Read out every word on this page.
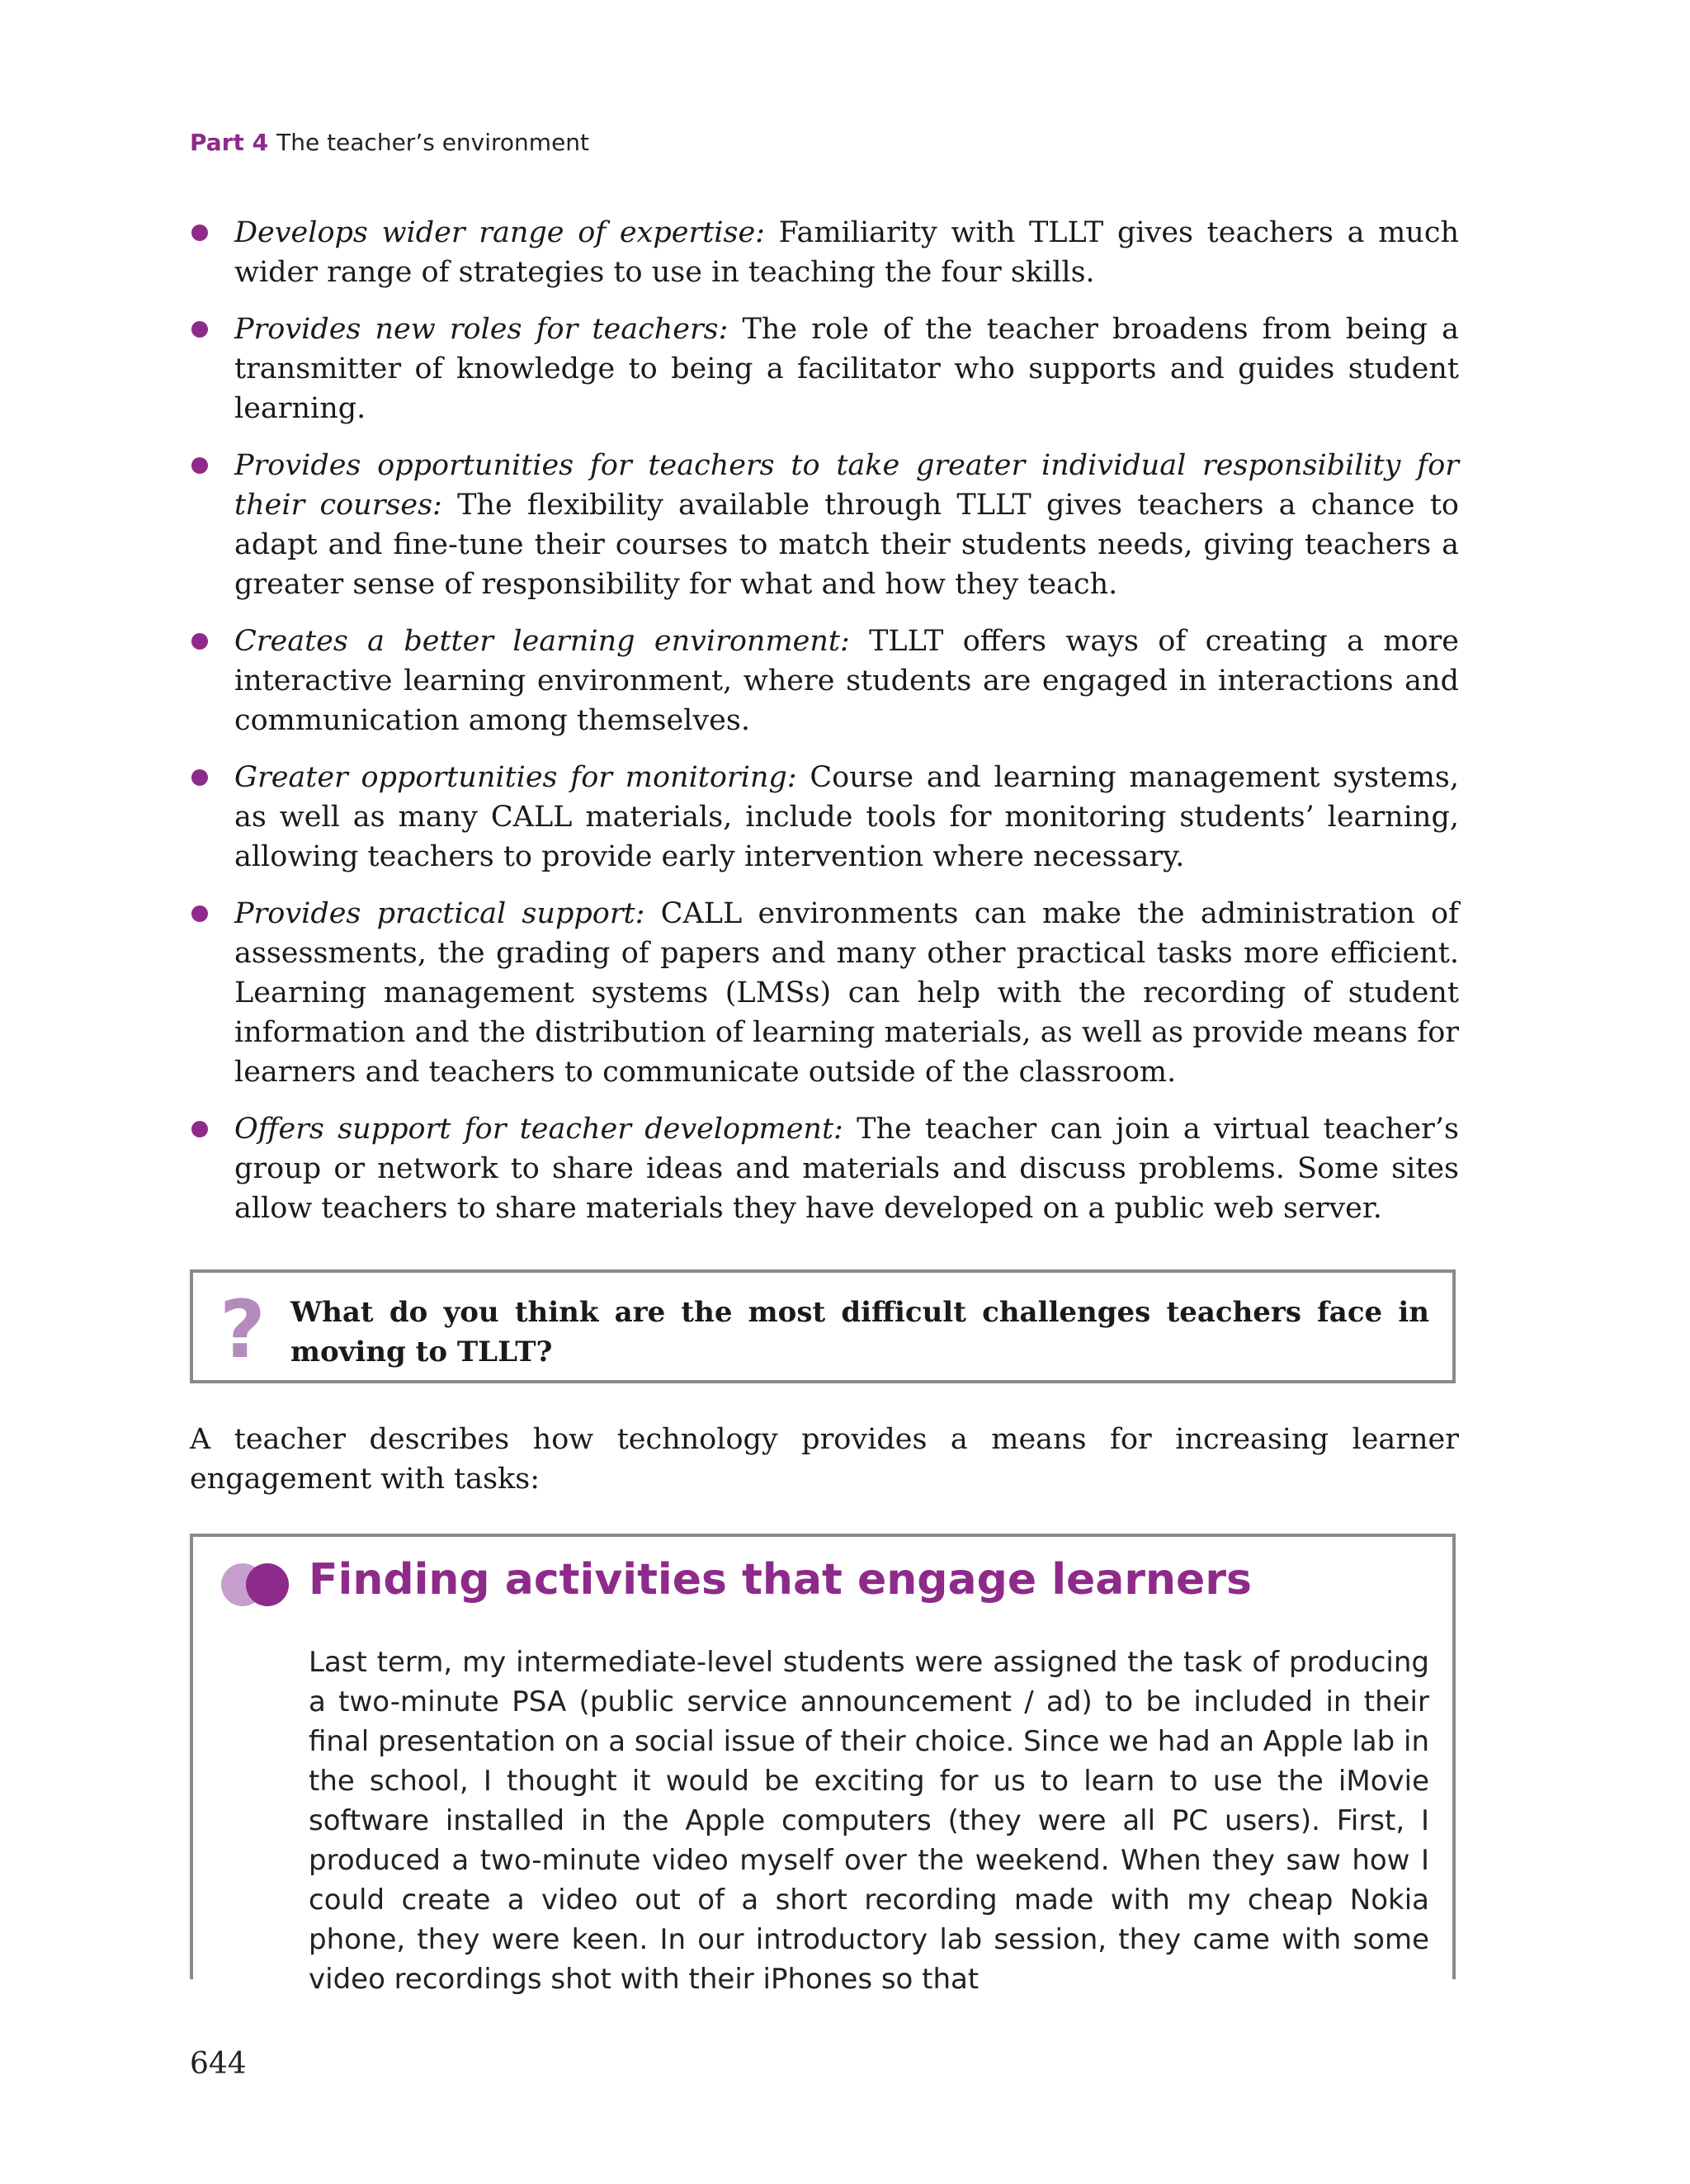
Part 4 The teacher’s environment
Develops wider range of expertise: Familiarity with TLLT gives teachers a much wider range of strategies to use in teaching the four skills.
Provides new roles for teachers: The role of the teacher broadens from being a transmitter of knowledge to being a facilitator who supports and guides student learning.
Provides opportunities for teachers to take greater individual responsibility for their courses: The flexibility available through TLLT gives teachers a chance to adapt and fine-tune their courses to match their students needs, giving teachers a greater sense of responsibility for what and how they teach.
Creates a better learning environment: TLLT offers ways of creating a more interactive learning environment, where students are engaged in interactions and communication among themselves.
Greater opportunities for monitoring: Course and learning management systems, as well as many CALL materials, include tools for monitoring students’ learning, allowing teachers to provide early intervention where necessary.
Provides practical support: CALL environments can make the administration of assessments, the grading of papers and many other practical tasks more efficient. Learning management systems (LMSs) can help with the recording of student information and the distribution of learning materials, as well as provide means for learners and teachers to communicate outside of the classroom.
Offers support for teacher development: The teacher can join a virtual teacher’s group or network to share ideas and materials and discuss problems. Some sites allow teachers to share materials they have developed on a public web server.
? What do you think are the most difficult challenges teachers face in moving to TLLT?

A teacher describes how technology provides a means for increasing learner engagement with tasks:

Finding activities that engage learners

Last term, my intermediate-level students were assigned the task of producing a two-minute PSA (public service announcement / ad) to be included in their final presentation on a social issue of their choice. Since we had an Apple lab in the school, I thought it would be exciting for us to learn to use the iMovie software installed in the Apple computers (they were all PC users). First, I produced a two-minute video myself over the weekend. When they saw how I could create a video out of a short recording made with my cheap Nokia phone, they were keen. In our introductory lab session, they came with some video recordings shot with their iPhones so that

644
